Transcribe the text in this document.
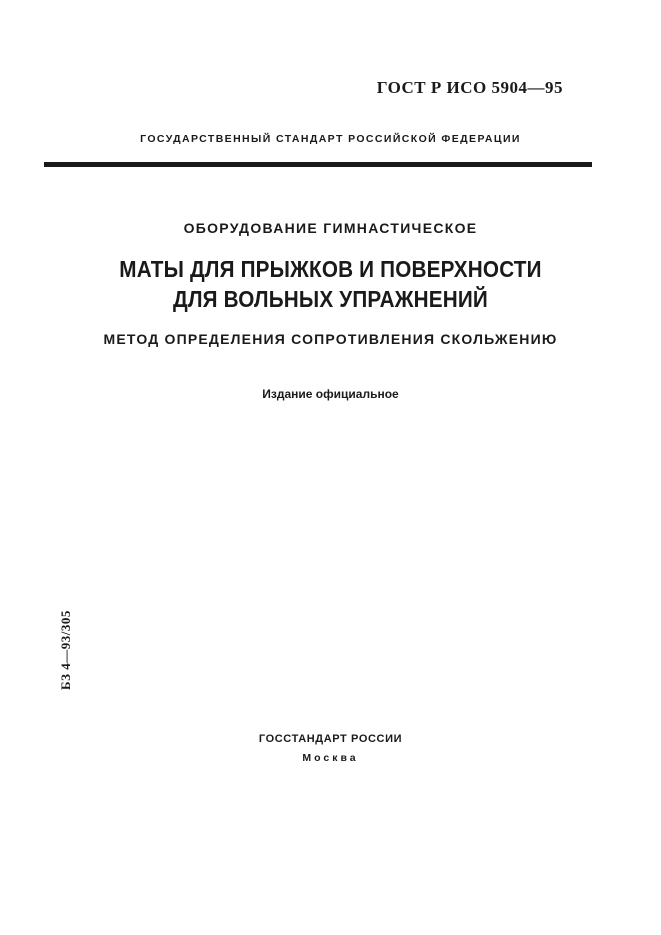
ГОСТ Р ИСО 5904—95
ГОСУДАРСТВЕННЫЙ СТАНДАРТ РОССИЙСКОЙ ФЕДЕРАЦИИ
ОБОРУДОВАНИЕ ГИМНАСТИЧЕСКОЕ
МАТЫ ДЛЯ ПРЫЖКОВ И ПОВЕРХНОСТИ
ДЛЯ ВОЛЬНЫХ УПРАЖНЕНИЙ
МЕТОД ОПРЕДЕЛЕНИЯ СОПРОТИВЛЕНИЯ СКОЛЬЖЕНИЮ
Издание официальное
БЗ 4—93/305
ГОССТАНДАРТ РОССИИ
Москва
